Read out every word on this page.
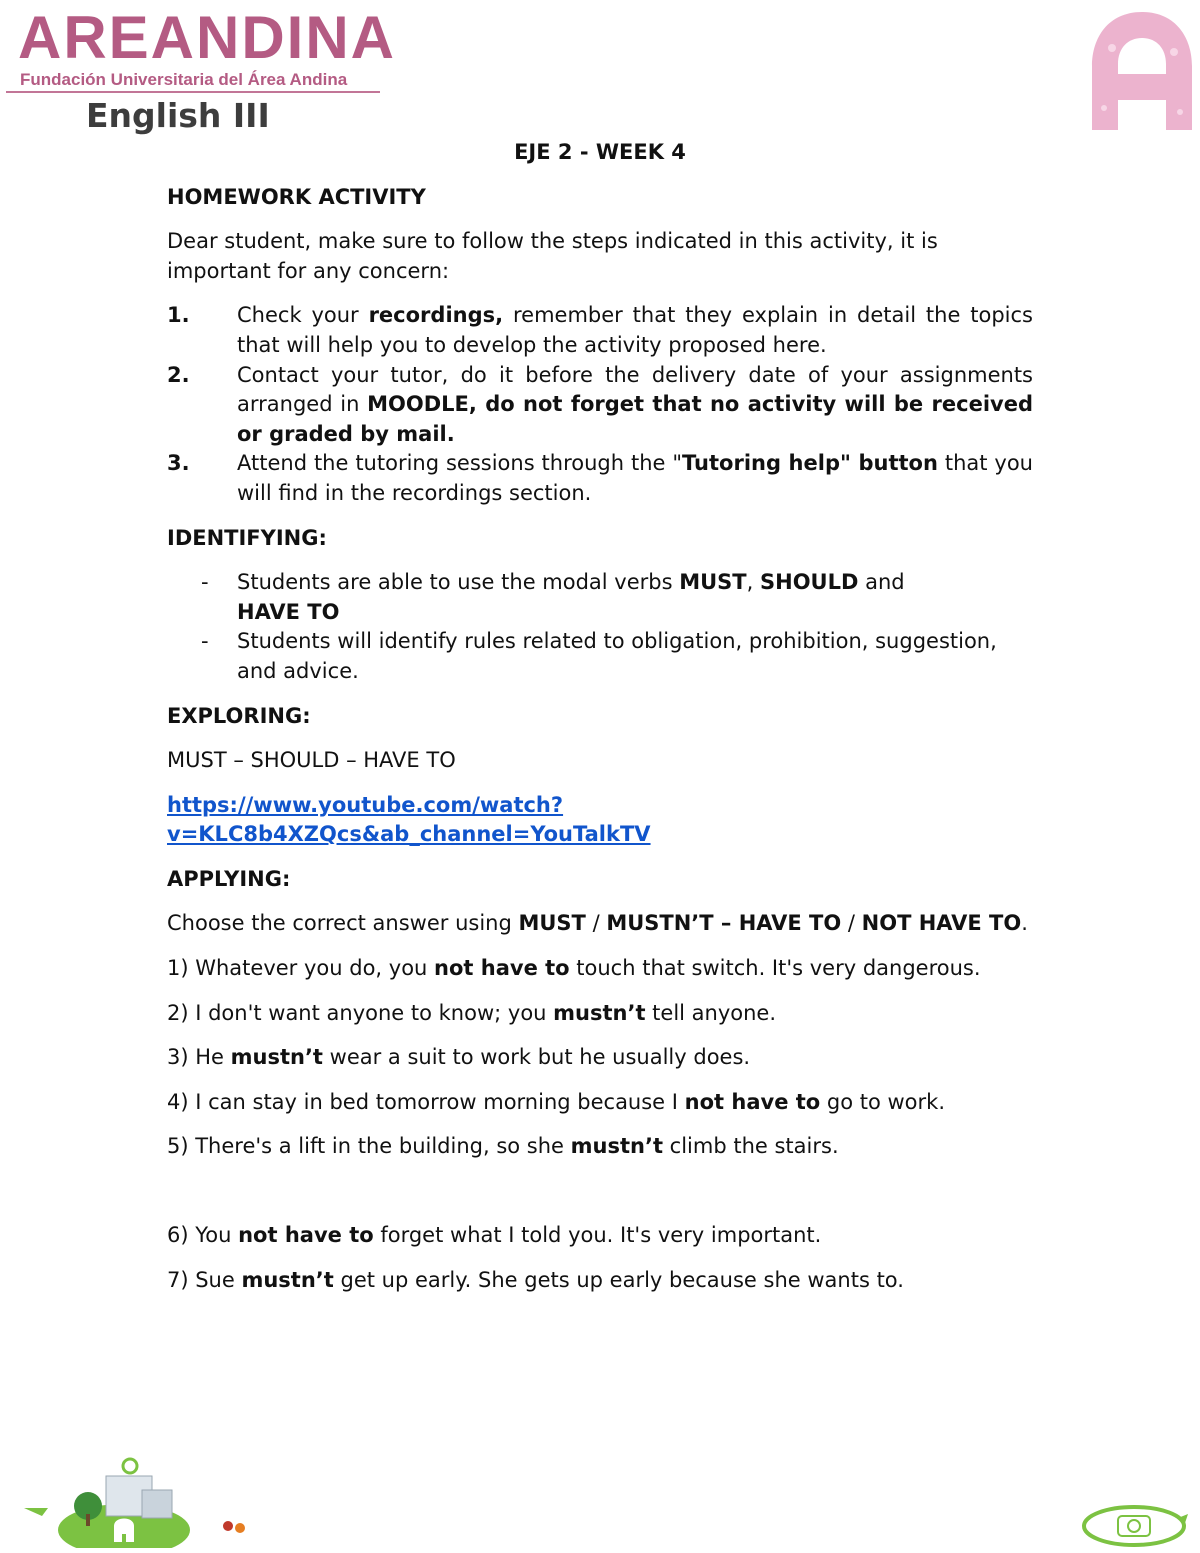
AREANDINA
Fundación Universitaria del Área Andina
English III

EJE 2 - WEEK 4

HOMEWORK ACTIVITY

Dear student, make sure to follow the steps indicated in this activity, it is important for any concern:

1.	Check your recordings, remember that they explain in detail the topics that will help you to develop the activity proposed here.
2.	Contact your tutor, do it before the delivery date of your assignments arranged in MOODLE, do not forget that no activity will be received or graded by mail.
3.	Attend the tutoring sessions through the "Tutoring help" button that you will find in the recordings section.

IDENTIFYING:

-	Students are able to use the modal verbs MUST, SHOULD and
HAVE TO
-	Students will identify rules related to obligation, prohibition, suggestion, and advice.

EXPLORING:

MUST – SHOULD – HAVE TO

https://www.youtube.com/watch?
v=KLC8b4XZQcs&ab_channel=YouTalkTV

APPLYING:

Choose the correct answer using MUST / MUSTN’T – HAVE TO / NOT HAVE TO.

1) Whatever you do, you not have to touch that switch. It's very dangerous.

2) I don't want anyone to know; you mustn’t tell anyone.

3) He mustn’t wear a suit to work but he usually does.

4) I can stay in bed tomorrow morning because I not have to go to work.

5) There's a lift in the building, so she mustn’t climb the stairs.

6) You not have to forget what I told you. It's very important.

7) Sue mustn’t get up early. She gets up early because she wants to.
